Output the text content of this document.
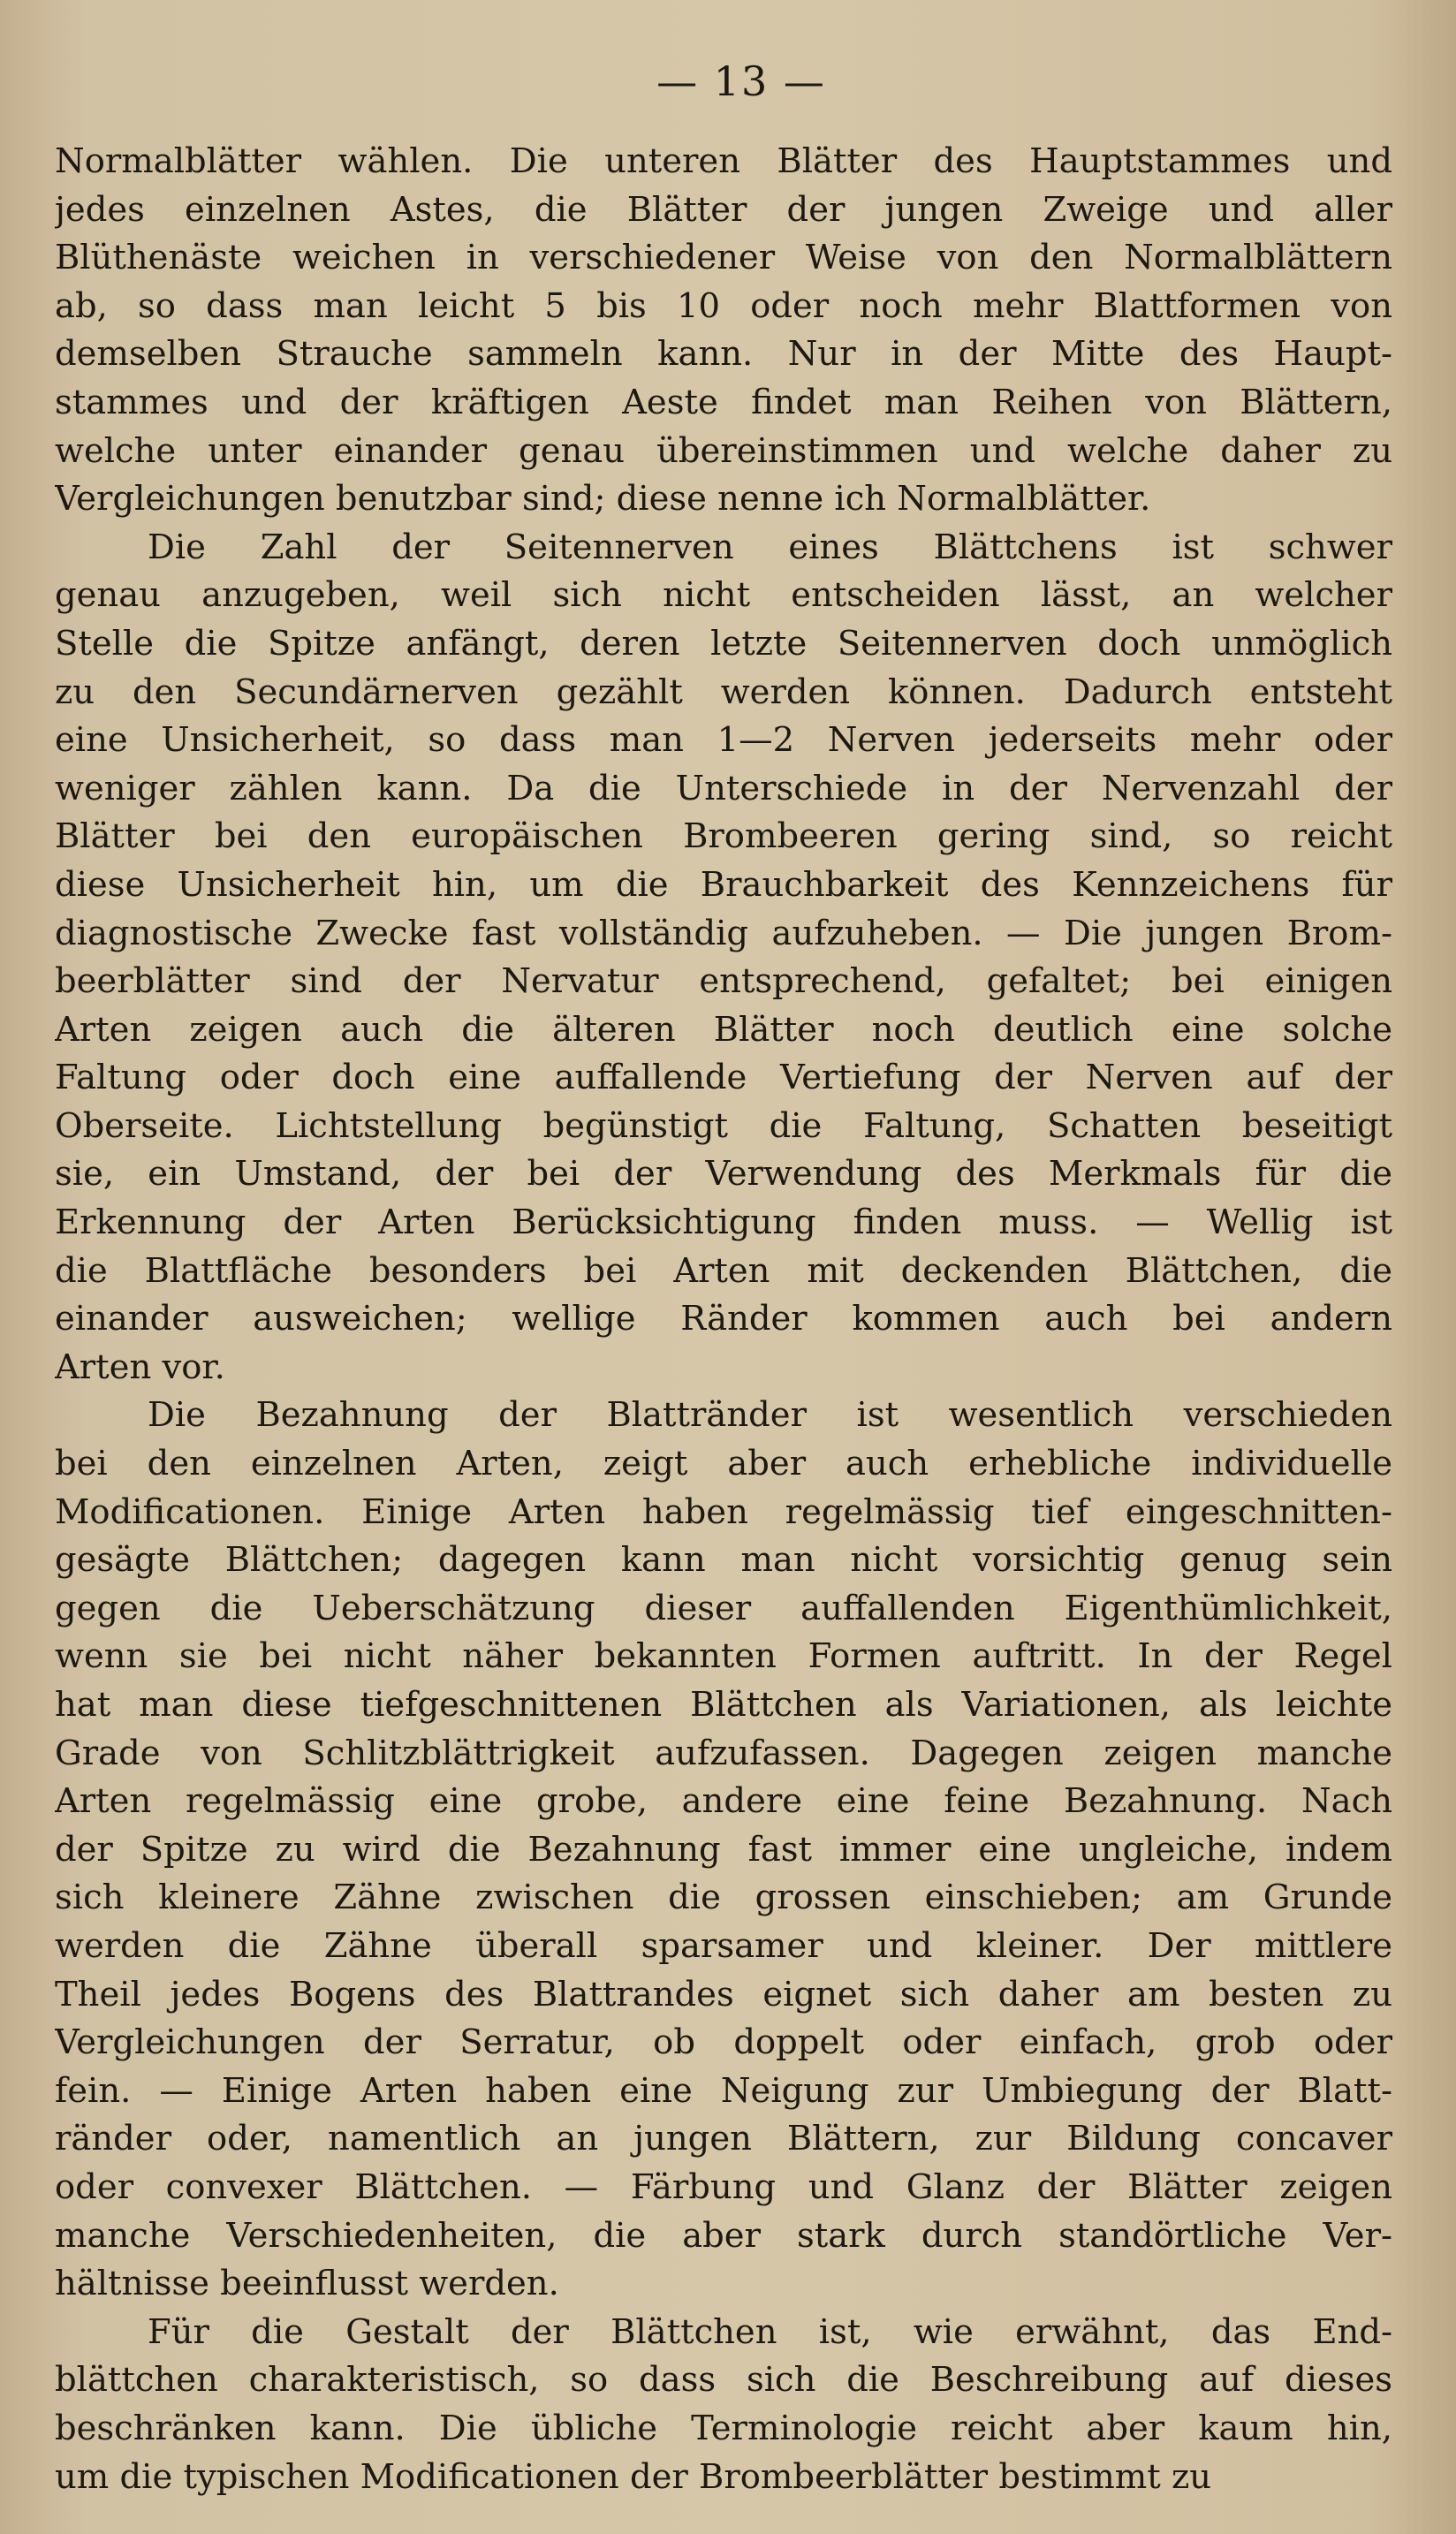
— 13 —
Normalblätter wählen. Die unteren Blätter des Hauptstammes und
jedes einzelnen Astes, die Blätter der jungen Zweige und aller
Blüthenäste weichen in verschiedener Weise von den Normalblättern
ab, so dass man leicht 5 bis 10 oder noch mehr Blattformen von
demselben Strauche sammeln kann. Nur in der Mitte des Haupt-
stammes und der kräftigen Aeste findet man Reihen von Blättern,
welche unter einander genau übereinstimmen und welche daher zu
Vergleichungen benutzbar sind; diese nenne ich Normalblätter.
Die Zahl der Seitennerven eines Blättchens ist schwer
genau anzugeben, weil sich nicht entscheiden lässt, an welcher
Stelle die Spitze anfängt, deren letzte Seitennerven doch unmöglich
zu den Secundärnerven gezählt werden können. Dadurch entsteht
eine Unsicherheit, so dass man 1—2 Nerven jederseits mehr oder
weniger zählen kann. Da die Unterschiede in der Nervenzahl der
Blätter bei den europäischen Brombeeren gering sind, so reicht
diese Unsicherheit hin, um die Brauchbarkeit des Kennzeichens für
diagnostische Zwecke fast vollständig aufzuheben. — Die jungen Brom-
beerblätter sind der Nervatur entsprechend, gefaltet; bei einigen
Arten zeigen auch die älteren Blätter noch deutlich eine solche
Faltung oder doch eine auffallende Vertiefung der Nerven auf der
Oberseite. Lichtstellung begünstigt die Faltung, Schatten beseitigt
sie, ein Umstand, der bei der Verwendung des Merkmals für die
Erkennung der Arten Berücksichtigung finden muss. — Wellig ist
die Blattfläche besonders bei Arten mit deckenden Blättchen, die
einander ausweichen; wellige Ränder kommen auch bei andern
Arten vor.
Die Bezahnung der Blattränder ist wesentlich verschieden
bei den einzelnen Arten, zeigt aber auch erhebliche individuelle
Modificationen. Einige Arten haben regelmässig tief eingeschnitten-
gesägte Blättchen; dagegen kann man nicht vorsichtig genug sein
gegen die Ueberschätzung dieser auffallenden Eigenthümlichkeit,
wenn sie bei nicht näher bekannten Formen auftritt. In der Regel
hat man diese tiefgeschnittenen Blättchen als Variationen, als leichte
Grade von Schlitzblättrigkeit aufzufassen. Dagegen zeigen manche
Arten regelmässig eine grobe, andere eine feine Bezahnung. Nach
der Spitze zu wird die Bezahnung fast immer eine ungleiche, indem
sich kleinere Zähne zwischen die grossen einschieben; am Grunde
werden die Zähne überall sparsamer und kleiner. Der mittlere
Theil jedes Bogens des Blattrandes eignet sich daher am besten zu
Vergleichungen der Serratur, ob doppelt oder einfach, grob oder
fein. — Einige Arten haben eine Neigung zur Umbiegung der Blatt-
ränder oder, namentlich an jungen Blättern, zur Bildung concaver
oder convexer Blättchen. — Färbung und Glanz der Blätter zeigen
manche Verschiedenheiten, die aber stark durch standörtliche Ver-
hältnisse beeinflusst werden.
Für die Gestalt der Blättchen ist, wie erwähnt, das End-
blättchen charakteristisch, so dass sich die Beschreibung auf dieses
beschränken kann. Die übliche Terminologie reicht aber kaum hin,
um die typischen Modificationen der Brombeerblätter bestimmt zu
